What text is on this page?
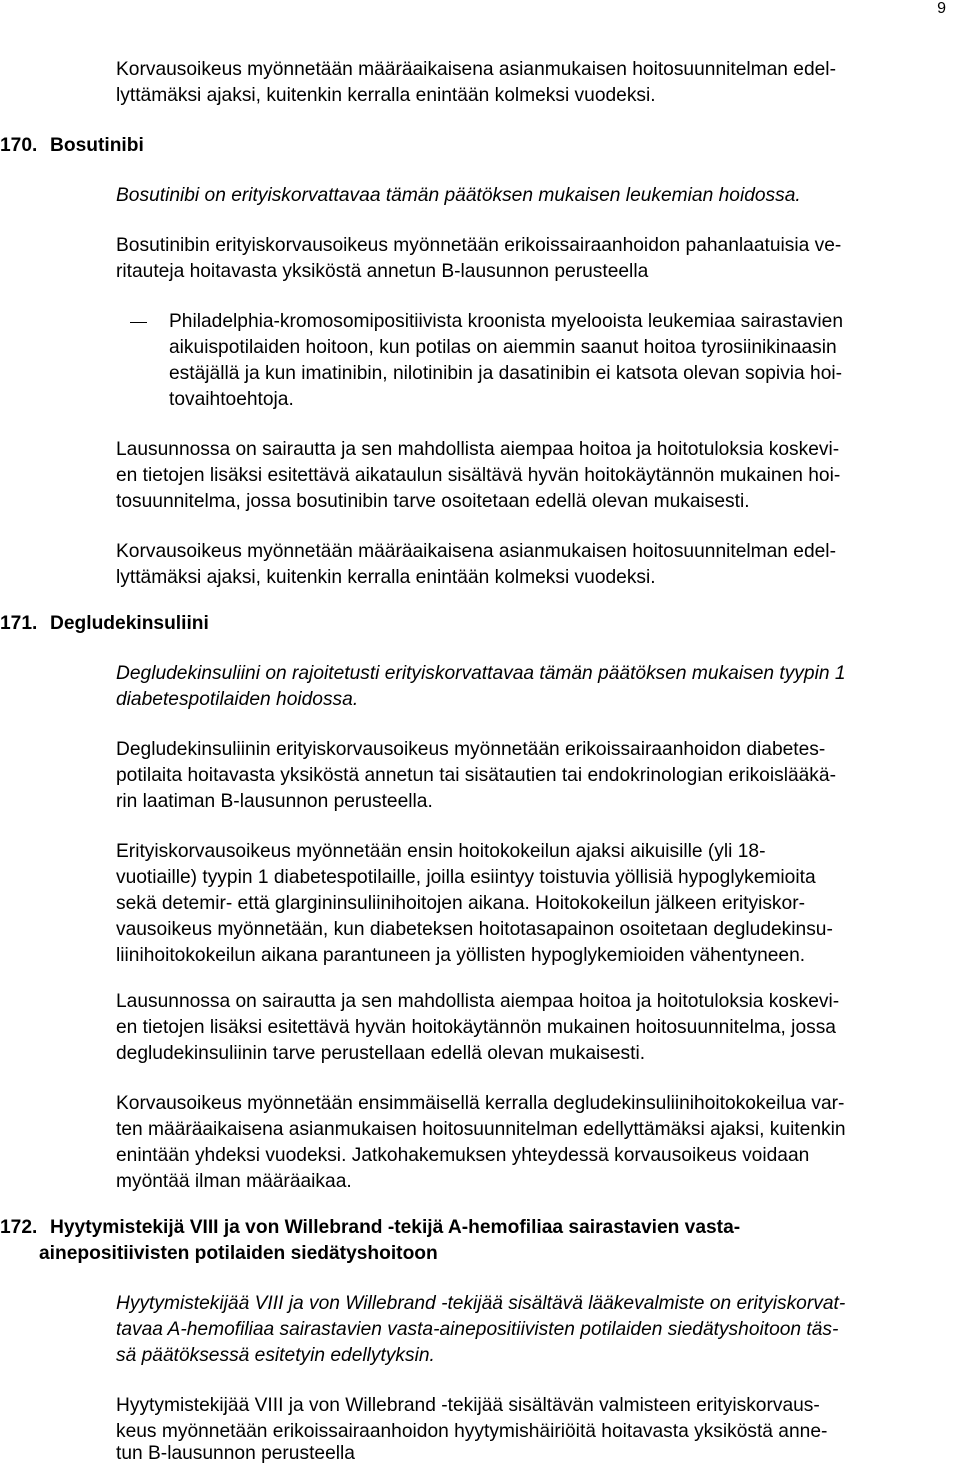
9
Korvausoikeus myönnetään määräaikaisena asianmukaisen hoitosuunnitelman edel-
lyttämäksi ajaksi, kuitenkin kerralla enintään kolmeksi vuodeksi.
170. Bosutinibi
Bosutinibi on erityiskorvattavaa tämän päätöksen mukaisen leukemian hoidossa.
Bosutinibin erityiskorvausoikeus myönnetään erikoissairaanhoidon pahanlaatuisia ve-
ritauteja hoitavasta yksiköstä annetun B-lausunnon perusteella
Philadelphia-kromosomipositiivista kroonista myelooista leukemiaa sairastavien
aikuispotilaiden hoitoon, kun potilas on aiemmin saanut hoitoa tyrosiinikinaasin
estäjällä ja kun imatinibin, nilotinibin ja dasatinibin ei katsota olevan sopivia hoi-
tovaihtoehtoja.
Lausunnossa on sairautta ja sen mahdollista aiempaa hoitoa ja hoitotuloksia koskevi-
en tietojen lisäksi esitettävä aikataulun sisältävä hyvän hoitokäytännön mukainen hoi-
tosuunnitelma, jossa bosutinibin tarve osoitetaan edellä olevan mukaisesti.
Korvausoikeus myönnetään määräaikaisena asianmukaisen hoitosuunnitelman edel-
lyttämäksi ajaksi, kuitenkin kerralla enintään kolmeksi vuodeksi.
171. Degludekinsuliini
Degludekinsuliini on rajoitetusti erityiskorvattavaa tämän päätöksen mukaisen tyypin 1
diabetespotilaiden hoidossa.
Degludekinsuliinin erityiskorvausoikeus myönnetään erikoissairaanhoidon diabetes-
potilaita hoitavasta yksiköstä annetun tai sisätautien tai endokrinologian erikoislääkä-
rin laatiman B-lausunnon perusteella.
Erityiskorvausoikeus myönnetään ensin hoitokokeilun ajaksi aikuisille (yli 18-
vuotiaille) tyypin 1 diabetespotilaille, joilla esiintyy toistuvia yöllisiä hypoglykemioita
sekä detemir- että glargininsuliinihoitojen aikana. Hoitokokeilun jälkeen erityiskor-
vausoikeus myönnetään, kun diabeteksen hoitotasapainon osoitetaan degludekinsu-
liinihoitokokeilun aikana parantuneen ja yöllisten hypoglykemioiden vähentyneen.
Lausunnossa on sairautta ja sen mahdollista aiempaa hoitoa ja hoitotuloksia koskevi-
en tietojen lisäksi esitettävä hyvän hoitokäytännön mukainen hoitosuunnitelma, jossa
degludekinsuliinin tarve perustellaan edellä olevan mukaisesti.
Korvausoikeus myönnetään ensimmäisellä kerralla degludekinsuliinihoitokokeilua var-
ten määräaikaisena asianmukaisen hoitosuunnitelman edellyttämäksi ajaksi, kuitenkin
enintään yhdeksi vuodeksi. Jatkohakemuksen yhteydessä korvausoikeus voidaan
myöntää ilman määräaikaa.
172. Hyytymistekijä VIII ja von Willebrand -tekijä A-hemofiliaa sairastavien vasta-
ainepositiivisten potilaiden siedätyshoitoon
Hyytymistekijää VIII ja von Willebrand -tekijää sisältävä lääkevalmiste on erityiskorvat-
tavaa A-hemofiliaa sairastavien vasta-ainepositiivisten potilaiden siedätyshoitoon täs-
sä päätöksessä esitetyin edellytyksin.
Hyytymistekijää VIII ja von Willebrand -tekijää sisältävän valmisteen erityiskorvaus-
keus myönnetään erikoissairaanhoidon hyytymishäiriöitä hoitavasta yksiköstä anne-
tun B-lausunnon perusteella
